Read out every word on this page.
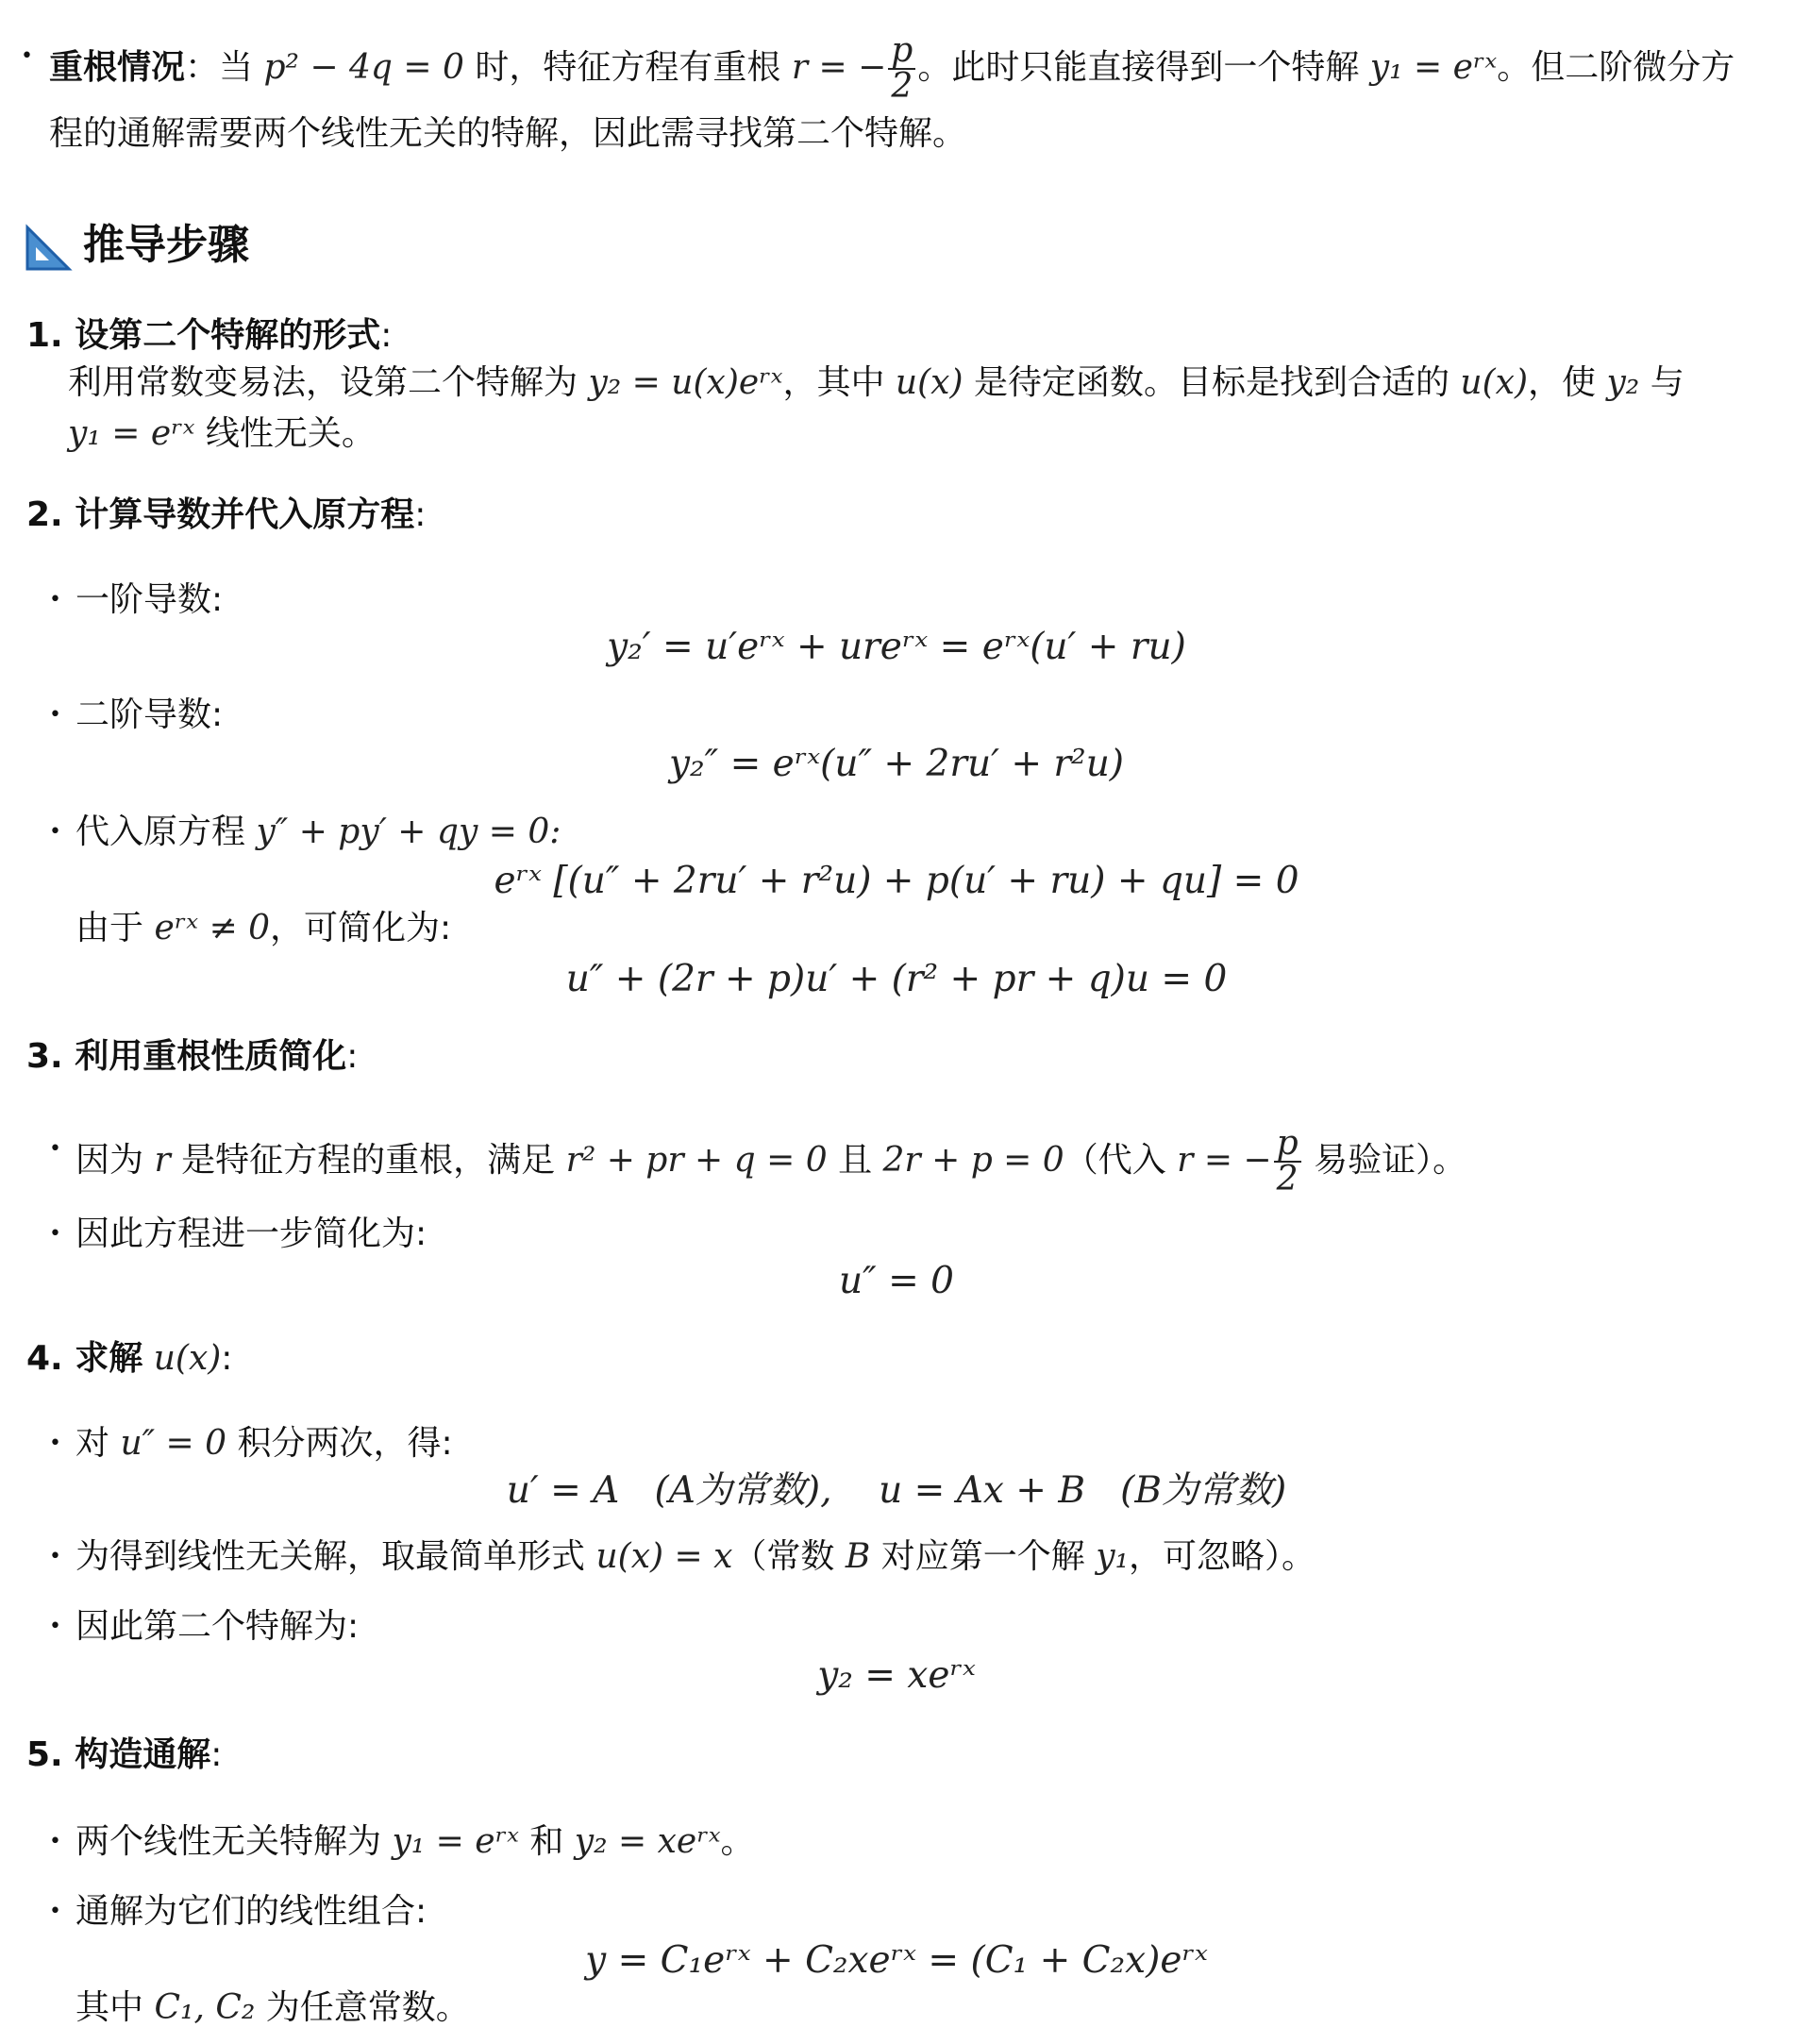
• 重根情况：当 p² − 4q = 0 时，特征方程有重根 r = − $\frac{p}{2}$ 。此时只能直接得到一个特解 y₁ = eʳˣ。但二阶微分方
程的通解需要两个线性无关的特解，因此需寻找第二个特解。
推导步骤
1. 设第二个特解的形式:
利用常数变易法，设第二个特解为 y₂ = u(x)eʳˣ，其中 u(x) 是待定函数。目标是找到合适的 u(x)，使 y₂ 与
y₁ = eʳˣ 线性无关。
2. 计算导数并代入原方程:
• 一阶导数:
y₂′ = u′eʳˣ + ureʳˣ = eʳˣ(u′ + ru)
• 二阶导数:
y₂″ = eʳˣ(u″ + 2ru′ + r²u)
• 代入原方程 y″ + py′ + qy = 0:
eʳˣ [(u″ + 2ru′ + r²u) + p(u′ + ru) + qu] = 0
由于 eʳˣ ≠ 0，可简化为:
u″ + (2r + p)u′ + (r² + pr + q)u = 0
3. 利用重根性质简化:
• 因为 r 是特征方程的重根，满足 r² + pr + q = 0 且 2r + p = 0（代入 r = − $\frac{p}{2}$ 易验证）。
• 因此方程进一步简化为:
u″ = 0
4. 求解 u(x):
• 对 u″ = 0 积分两次，得:
u′ = A   (A为常数),    u = Ax + B   (B为常数)
• 为得到线性无关解，取最简单形式 u(x) = x（常数 B 对应第一个解 y₁，可忽略）。
• 因此第二个特解为:
y₂ = xeʳˣ
5. 构造通解:
• 两个线性无关特解为 y₁ = eʳˣ 和 y₂ = xeʳˣ。
• 通解为它们的线性组合:
y = C₁eʳˣ + C₂xeʳˣ = (C₁ + C₂x)eʳˣ
其中 C₁, C₂ 为任意常数。
